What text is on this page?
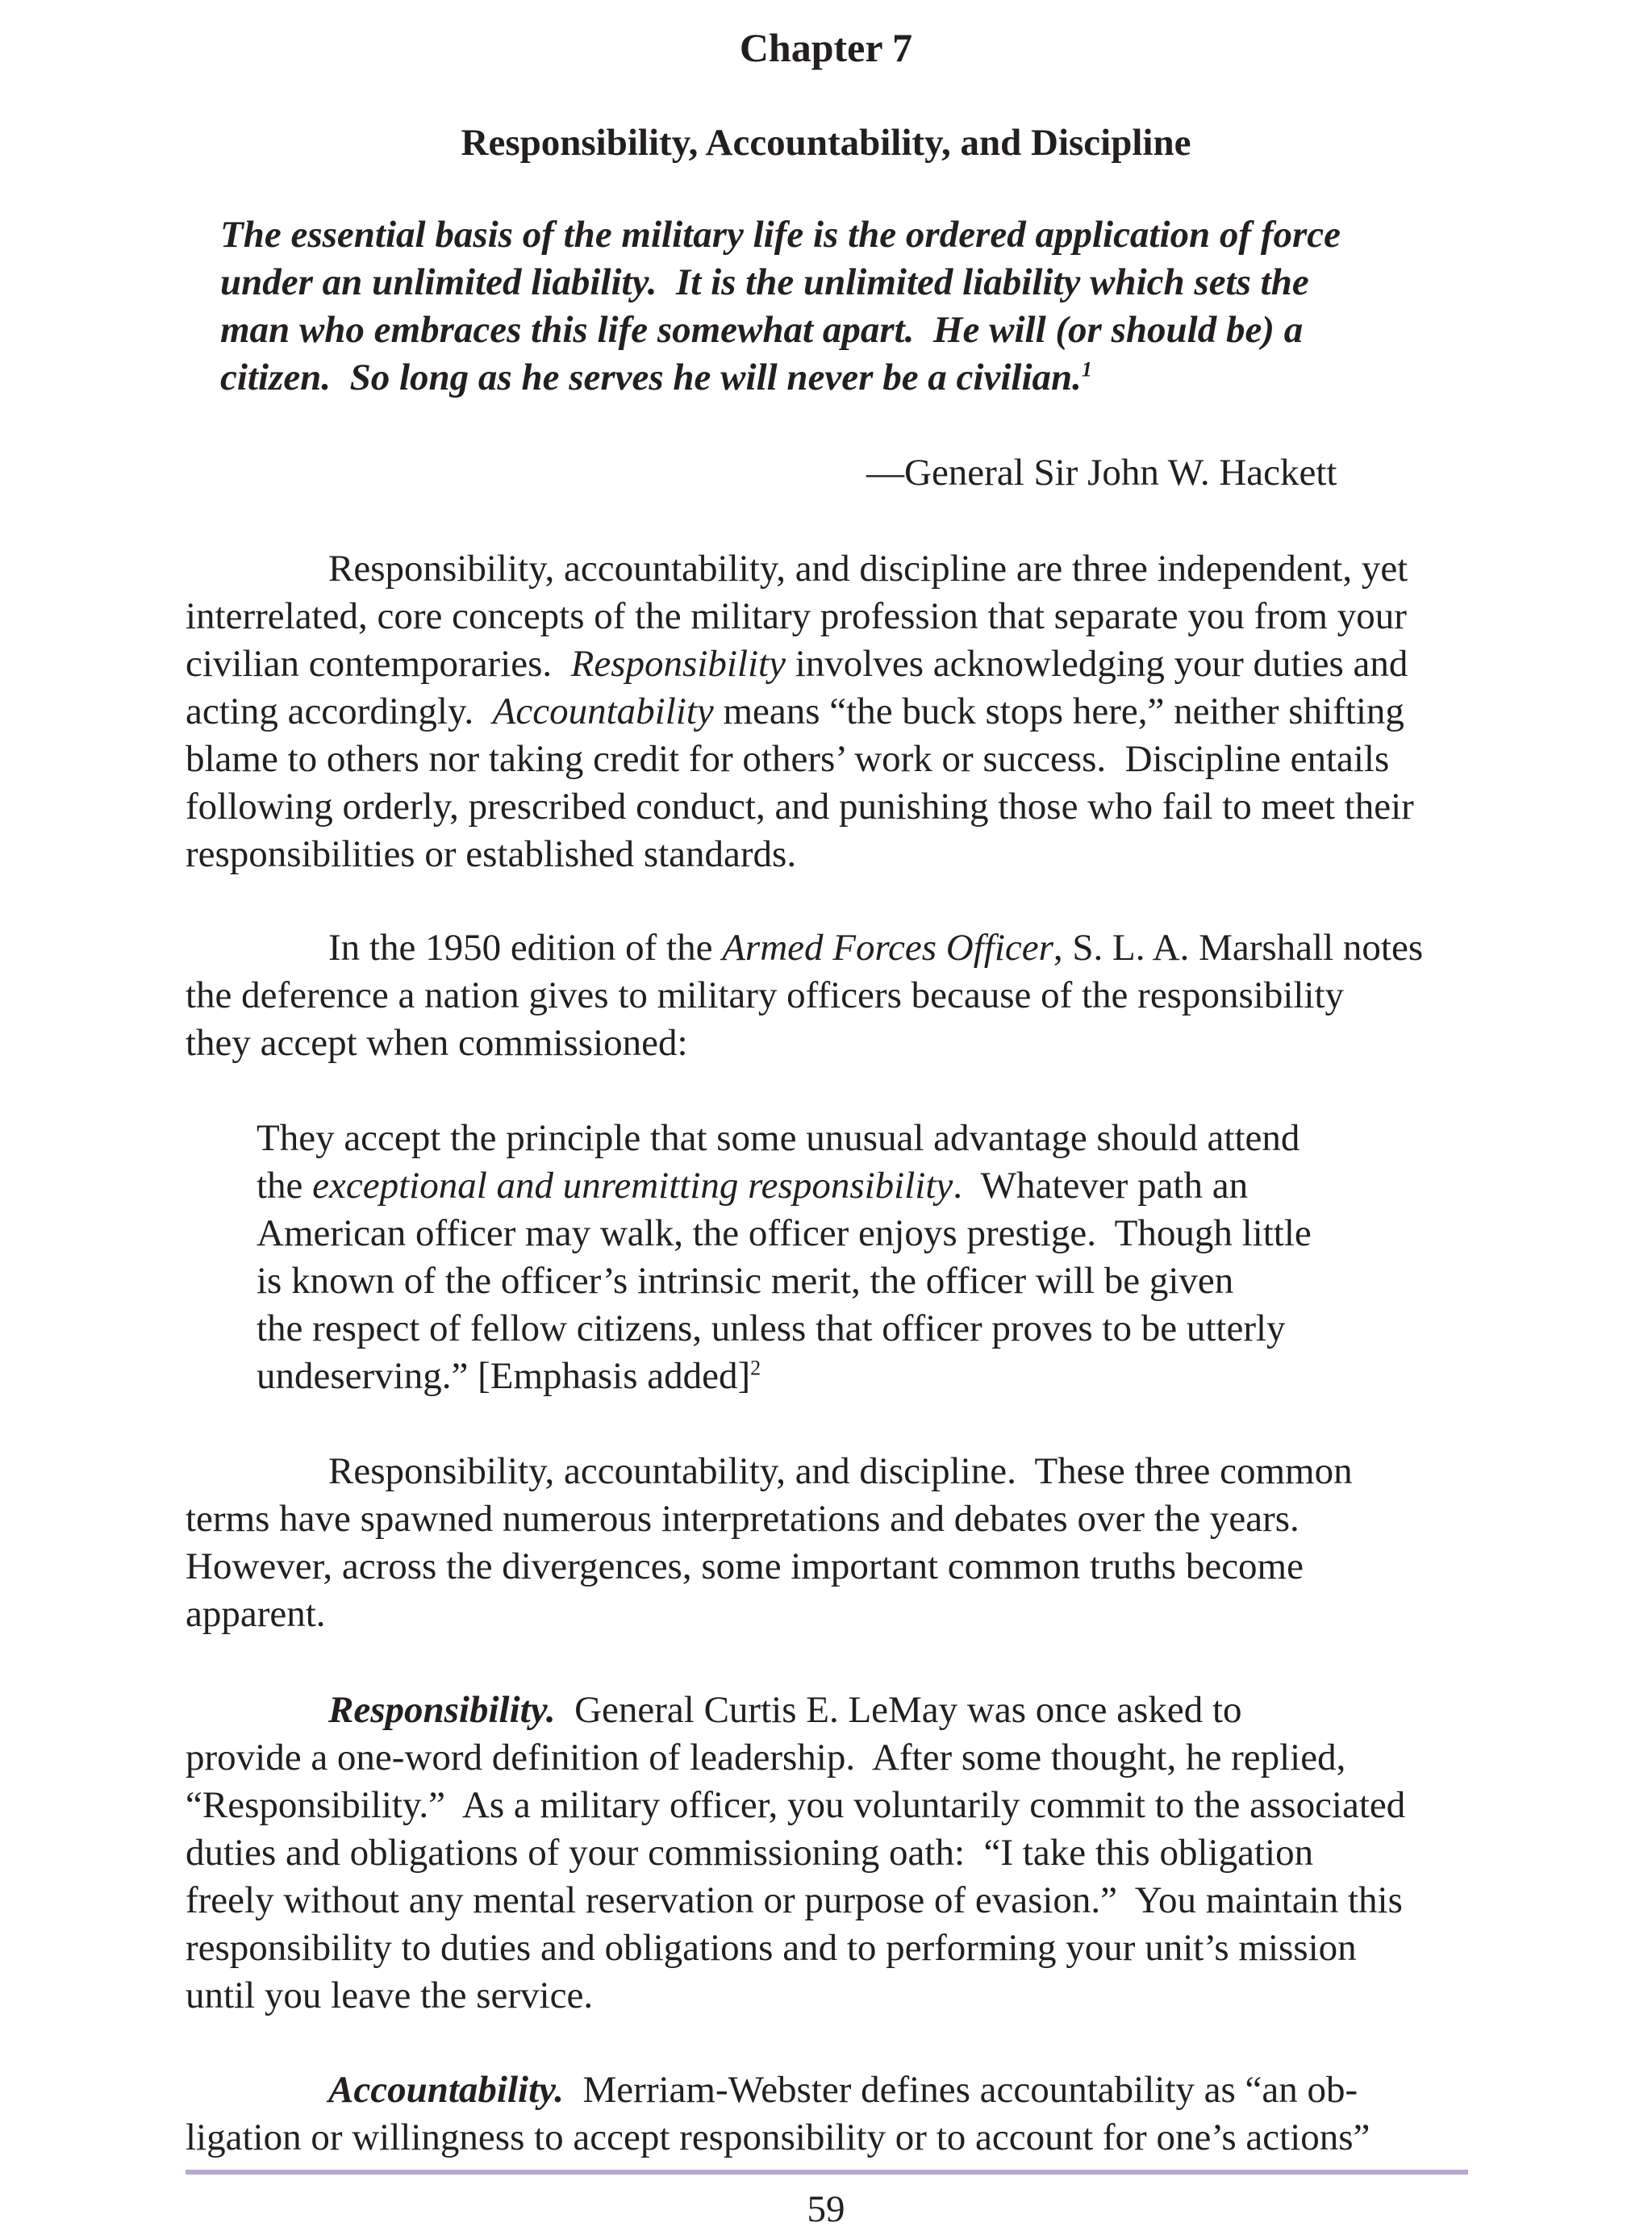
Chapter 7
Responsibility, Accountability, and Discipline
The essential basis of the military life is the ordered application of force
under an unlimited liability.  It is the unlimited liability which sets the
man who embraces this life somewhat apart.  He will (or should be) a
citizen.  So long as he serves he will never be a civilian.$^1$
—General Sir John W. Hackett
Responsibility, accountability, and discipline are three independent, yet
interrelated, core concepts of the military profession that separate you from your
civilian contemporaries.  Responsibility involves acknowledging your duties and
acting accordingly.  Accountability means “the buck stops here,” neither shifting
blame to others nor taking credit for others’ work or success.  Discipline entails
following orderly, prescribed conduct, and punishing those who fail to meet their
responsibilities or established standards.
In the 1950 edition of the Armed Forces Officer, S. L. A. Marshall notes
the deference a nation gives to military officers because of the responsibility
they accept when commissioned:
They accept the principle that some unusual advantage should attend
the exceptional and unremitting responsibility.  Whatever path an
American officer may walk, the officer enjoys prestige.  Though little
is known of the officer’s intrinsic merit, the officer will be given
the respect of fellow citizens, unless that officer proves to be utterly
undeserving.” [Emphasis added]$^2$
Responsibility, accountability, and discipline.  These three common
terms have spawned numerous interpretations and debates over the years.
However, across the divergences, some important common truths become
apparent.
Responsibility.  General Curtis E. LeMay was once asked to
provide a one-word definition of leadership.  After some thought, he replied,
“Responsibility.”  As a military officer, you voluntarily commit to the associated
duties and obligations of your commissioning oath:  “I take this obligation
freely without any mental reservation or purpose of evasion.”  You maintain this
responsibility to duties and obligations and to performing your unit’s mission
until you leave the service.
Accountability.  Merriam-Webster defines accountability as “an ob-
ligation or willingness to accept responsibility or to account for one’s actions”
59
